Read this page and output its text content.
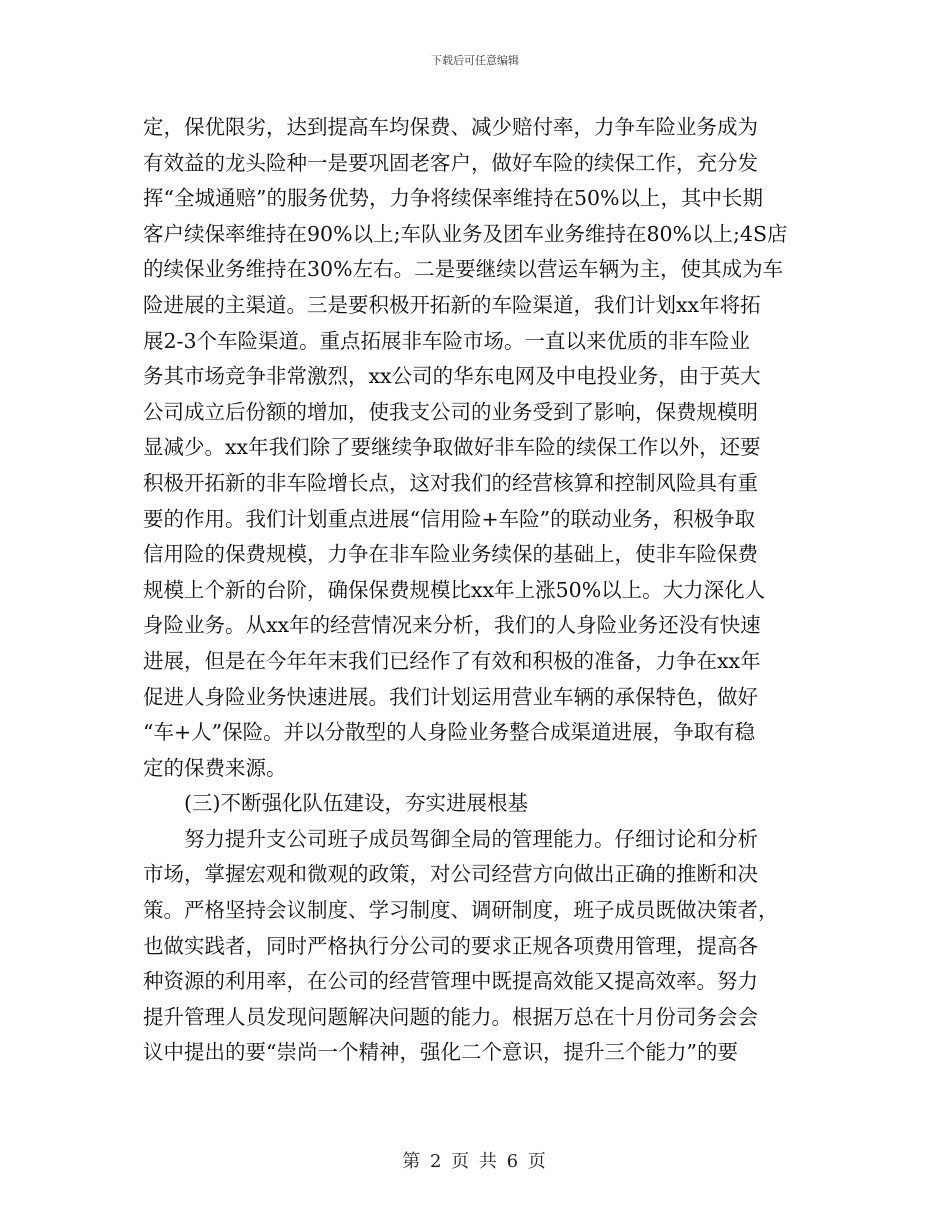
下载后可任意编辑
定，保优限劣，达到提高车均保费、减少赔付率，力争车险业务成为
有效益的龙头险种一是要巩固老客户，做好车险的续保工作，充分发
挥“全城通赔”的服务优势，力争将续保率维持在50%以上，其中长期
客户续保率维持在90%以上;车队业务及团车业务维持在80%以上;4S店
的续保业务维持在30%左右。二是要继续以营运车辆为主，使其成为车
险进展的主渠道。三是要积极开拓新的车险渠道，我们计划xx年将拓
展2-3个车险渠道。重点拓展非车险市场。一直以来优质的非车险业
务其市场竞争非常激烈，xx公司的华东电网及中电投业务，由于英大
公司成立后份额的增加，使我支公司的业务受到了影响，保费规模明
显减少。xx年我们除了要继续争取做好非车险的续保工作以外，还要
积极开拓新的非车险增长点，这对我们的经营核算和控制风险具有重
要的作用。我们计划重点进展“信用险+车险”的联动业务，积极争取
信用险的保费规模，力争在非车险业务续保的基础上，使非车险保费
规模上个新的台阶，确保保费规模比xx年上涨50%以上。大力深化人
身险业务。从xx年的经营情况来分析，我们的人身险业务还没有快速
进展，但是在今年年末我们已经作了有效和积极的准备，力争在xx年
促进人身险业务快速进展。我们计划运用营业车辆的承保特色，做好
“车+人”保险。并以分散型的人身险业务整合成渠道进展，争取有稳
定的保费来源。
(三)不断强化队伍建设，夯实进展根基
努力提升支公司班子成员驾御全局的管理能力。仔细讨论和分析
市场，掌握宏观和微观的政策，对公司经营方向做出正确的推断和决
策。严格坚持会议制度、学习制度、调研制度，班子成员既做决策者，
也做实践者，同时严格执行分公司的要求正规各项费用管理，提高各
种资源的利用率，在公司的经营管理中既提高效能又提高效率。努力
提升管理人员发现问题解决问题的能力。根据万总在十月份司务会会
议中提出的要“崇尚一个精神，强化二个意识，提升三个能力”的要
第 2 页 共 6 页
